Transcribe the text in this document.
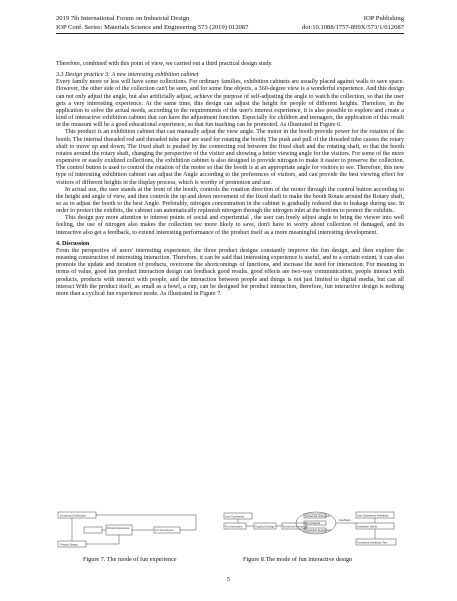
2019 7th International Forum on Industrial Design	IOP Publishing
IOP Conf. Series: Materials Science and Engineering 573 (2019) 012087	doi:10.1088/1757-899X/573/1/012087

Therefore, combined with this point of view, we carried out a third practical design study.

3.3 Design practice 3: A new interesting exhibition cabinet

Every family more or less will have some collections. For ordinary families, exhibition cabinets are usually placed against walls to save space. However, the other side of the collection can't be seen, and for some fine objects, a 360-degree view is a wonderful experience. And this design can not only adjust the angle, but also artificially adjust, achieve the purpose of self-adjusting the angle to watch the collection, so that the user gets a very interesting experience. At the same time, this design can adjust the height for people of different heights. Therefore, in the application to solve the actual needs, according to the requirements of the user's interest experience, it is also possible to explore and create a kind of interactive exhibition cabinet that can have the adjustment function. Especially for children and teenagers, the application of this result in the museum will be a good educational experience, so that fun teaching can be promoted. As illustrated in Figure 6.

This product is an exhibition cabinet that can manually adjust the view angle. The motor in the booth provide power for the rotation of the booth; The internal threaded rod and threaded tube pair are used for rotating the booth; The push and pull of the threaded tube causes the rotary shaft to move up and down; The fixed shaft is pushed by the connecting rod between the fixed shaft and the rotating shaft, so that the booth rotates around the rotary shaft, changing the perspective of the visitor and showing a better viewing angle for the visitors. For some of the more expensive or easily oxidized collections, the exhibition cabinet is also designed to provide nitrogen to make it easier to preserve the collection. The control button is used to control the rotation of the motor so that the booth is at an appropriate angle for visitors to see. Therefore, this new type of interesting exhibition cabinet can adjust the Angle according to the preferences of visitors, and can provide the best viewing effect for visitors of different heights in the display process, which is worthy of promotion and use.

In actual use, the user stands at the front of the booth, controls the rotation direction of the motor through the control button according to the height and angle of view, and then controls the up and down movement of the fixed shaft to make the booth Rotate around the Rotary shaft, so as to adjust the booth to the best Angle. Preferably, nitrogen concentration in the cabinet is gradually reduced due to leakage during use. In order to protect the exhibits, the cabinet can automatically replenish nitrogen through the nitrogen inlet at the bottom to protect the exhibits.

This design pay more attention to interest points of social and experiential , the user can freely adjust angle to bring the viewer into well feeling, the use of nitrogen also makes the collection we more likely to save, don't have to worry about collection of damaged, and its interactive also get a feedback, to extend interesting performance of the product itself as a more meaningful interesting development.

4. Discussion

From the perspective of users' interesting experience, the three product designs constantly improve the fun design, and then explore the meaning construction of interesting interaction. Therefore, it can be said that interesting experience is useful, and to a certain extent, it can also promote the update and iteration of products, overcome the shortcomings of functions, and increase the need for interaction. For meaning in terms of value, good fun product interaction design can feedback good results, good effects are two-way communication, people interact with products, products with interact with people, and the interaction between people and things is not just limited to digital media, but can all interact With the product itself, as small as a bowl, a cup, can be designed for product interaction, therefore, fun interactive design is nothing more than a cyclical fun experience mode. As illustrated in Figure 7.

Emotional Gratification
Product Experience
Fun Experience
Product Design
User Experience
Fun Interaction	Cognitive Design	Emotional Interaction
Behavioral Interaction
Physiological
Interaction Experience
User Experience Feedback
Interaction Needs
Functional Interaction Test
Feedback
Figure 7. The mode of fun experience	Figure 8.The mode of fun interactive design
5
